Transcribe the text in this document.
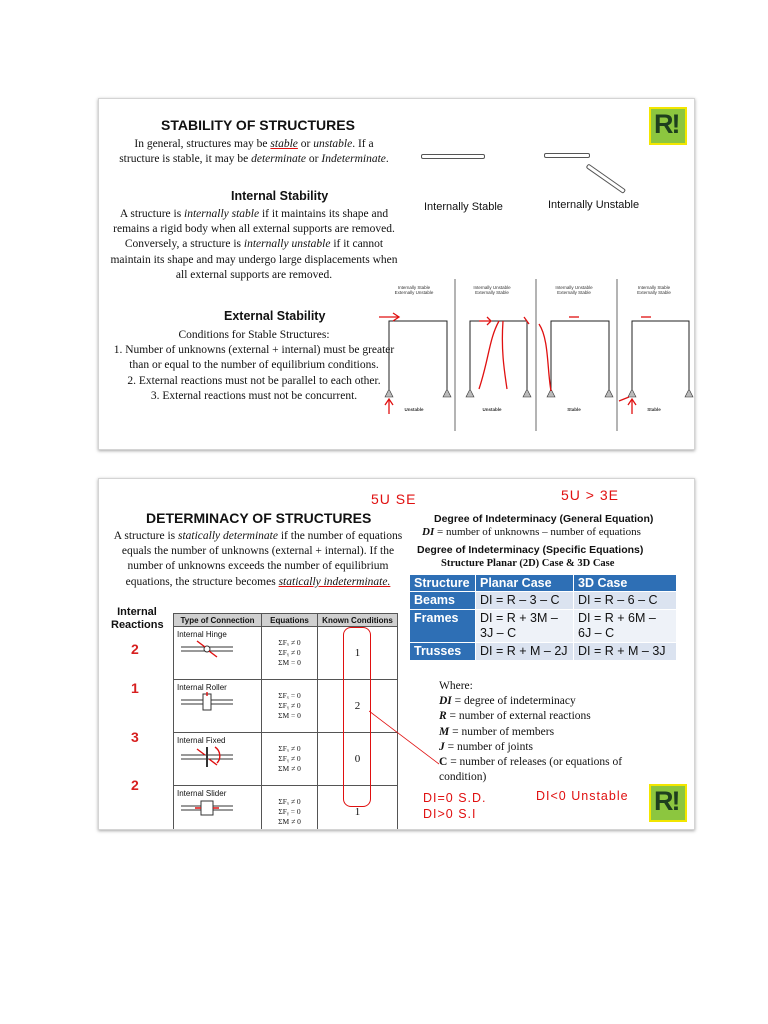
STABILITY OF STRUCTURES
In general, structures may be stable or unstable. If a structure is stable, it may be determinate or Indeterminate.
Internal Stability
A structure is internally stable if it maintains its shape and remains a rigid body when all external supports are removed. Conversely, a structure is internally unstable if it cannot maintain its shape and may undergo large displacements when all external supports are removed.
External Stability
Conditions for Stable Structures:
1. Number of unknowns (external + internal) must be greater than or equal to the number of equilibrium conditions.
2. External reactions must not be parallel to each other.
3. External reactions must not be concurrent.
Internally Stable	Internally Unstable
Internally Stable Externally Unstable
Internally Unstable Externally Stable
Internally Unstable Externally Stable
Internally Stable Externally Stable
Unstable	Unstable	Stable	Stable
R!
DETERMINACY OF STRUCTURES
A structure is statically determinate if the number of equations equals the number of unknowns (external + internal). If the number of unknowns exceeds the number of equilibrium equations, the structure becomes statically indeterminate.
Internal Reactions
2
1
3
2
Type of Connection	Equations	Known Conditions

Internal Hinge	ΣFₓ ≠ 0
ΣFᵧ ≠ 0
ΣM = 0	1

Internal Roller	ΣFₓ = 0
ΣFᵧ ≠ 0
ΣM = 0	2

Internal Fixed	ΣFₓ ≠ 0
ΣFᵧ ≠ 0
ΣM ≠ 0	0

Internal Slider	ΣFₓ ≠ 0
ΣFᵧ = 0
ΣM ≠ 0	1
Degree of Indeterminacy (General Equation)
DI = number of unknowns – number of equations
Degree of Indeterminacy (Specific Equations)
Structure Planar (2D) Case & 3D Case
Structure	Planar Case	3D Case
Beams	DI = R – 3 – C	DI = R – 6 – C
Frames	DI = R + 3M – 3J – C	DI = R + 6M – 6J – C
Trusses	DI = R + M – 2J	DI = R + M – 3J
Where:
DI = degree of indeterminacy
R = number of external reactions
M = number of members
J = number of joints
C = number of releases (or equations of condition)
5U SE	5U > 3E
DI=0 S.D.
DI>0 S.I
DI<0 Unstable R!
